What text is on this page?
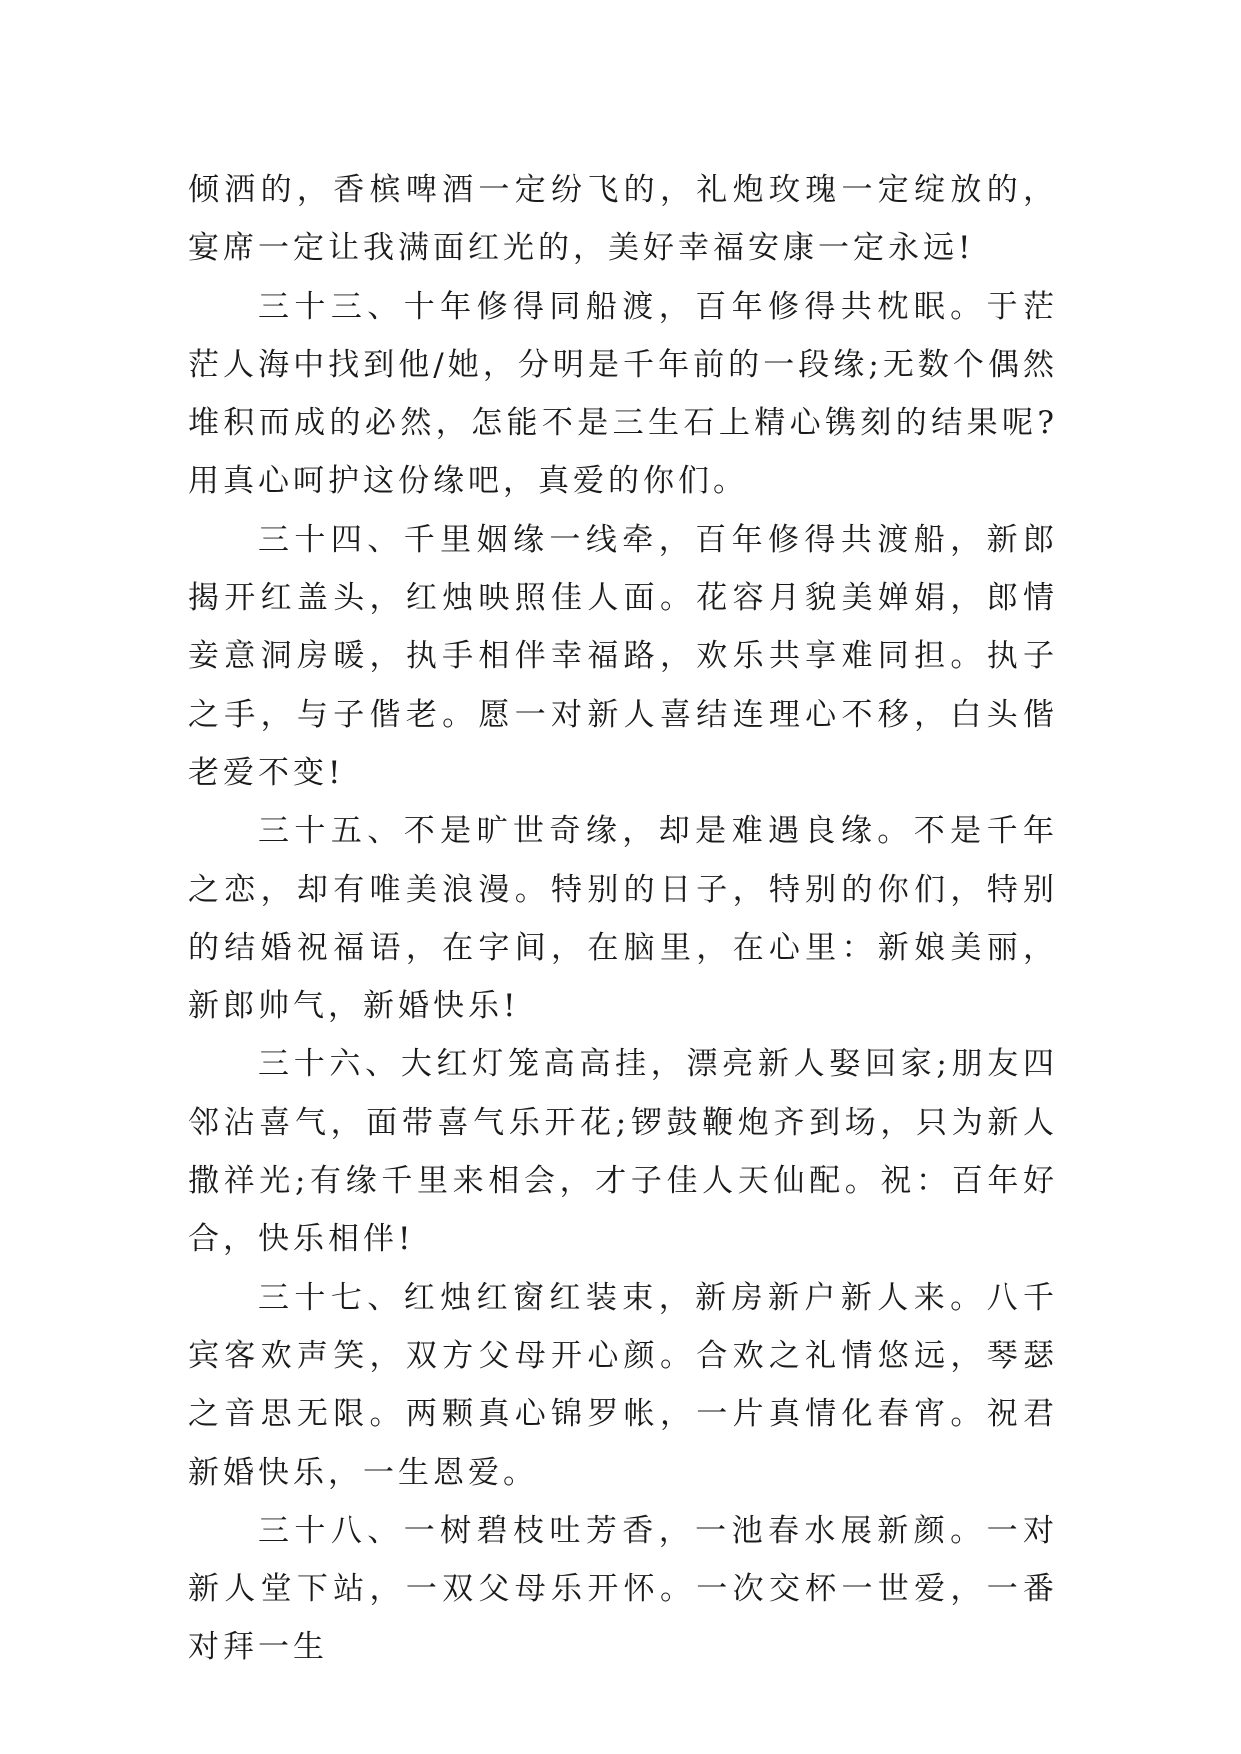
倾洒的，香槟啤酒一定纷飞的，礼炮玫瑰一定绽放的，宴席一定让我满面红光的，美好幸福安康一定永远!

三十三、十年修得同船渡，百年修得共枕眠。于茫茫人海中找到他/她，分明是千年前的一段缘;无数个偶然堆积而成的必然，怎能不是三生石上精心镌刻的结果呢?用真心呵护这份缘吧，真爱的你们。

三十四、千里姻缘一线牵，百年修得共渡船，新郎揭开红盖头，红烛映照佳人面。花容月貌美婵娟，郎情妾意洞房暖，执手相伴幸福路，欢乐共享难同担。执子之手，与子偕老。愿一对新人喜结连理心不移，白头偕老爱不变!

三十五、不是旷世奇缘，却是难遇良缘。不是千年之恋，却有唯美浪漫。特别的日子，特别的你们，特别的结婚祝福语，在字间，在脑里，在心里：新娘美丽，新郎帅气，新婚快乐!

三十六、大红灯笼高高挂，漂亮新人娶回家;朋友四邻沾喜气，面带喜气乐开花;锣鼓鞭炮齐到场，只为新人撒祥光;有缘千里来相会，才子佳人天仙配。祝：百年好合，快乐相伴!

三十七、红烛红窗红装束，新房新户新人来。八千宾客欢声笑，双方父母开心颜。合欢之礼情悠远，琴瑟之音思无限。两颗真心锦罗帐，一片真情化春宵。祝君新婚快乐，一生恩爱。

三十八、一树碧枝吐芳香，一池春水展新颜。一对新人堂下站，一双父母乐开怀。一次交杯一世爱，一番对拜一生
